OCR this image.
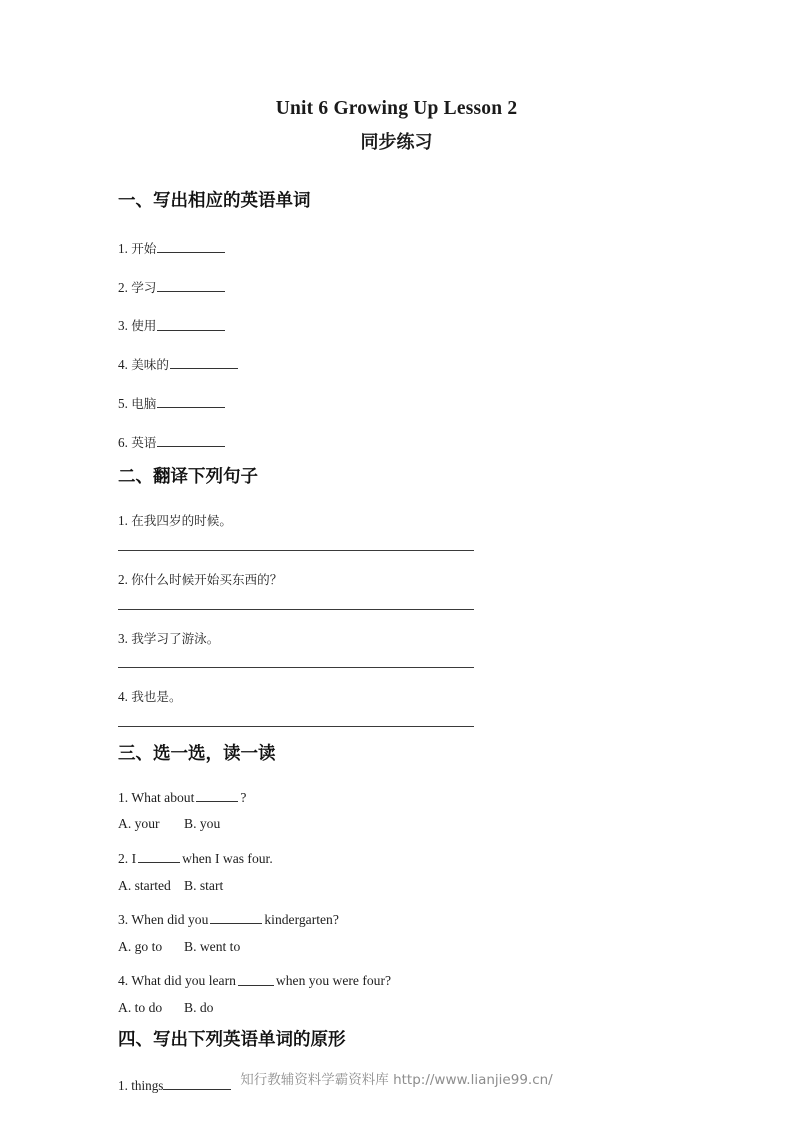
Unit 6 Growing Up Lesson 2
同步练习
一、写出相应的英语单词
1. 开始
2. 学习
3. 使用
4. 美味的
5. 电脑
6. 英语
二、翻译下列句子
1. 在我四岁的时候。
2. 你什么时候开始买东西的？
3. 我学习了游泳。
4. 我也是。
三、选一选，读一读
1. What about	?
A. your B. you
2. I	when I was four.
A. started B. start
3. When did you	kindergarten?
A. go to B. went to
4. What did you learn	when you were four?
A. to do B. do
四、写出下列英语单词的原形
1. things	知行教辅资料学霸资料库 http://www.lianjie99.cn/
